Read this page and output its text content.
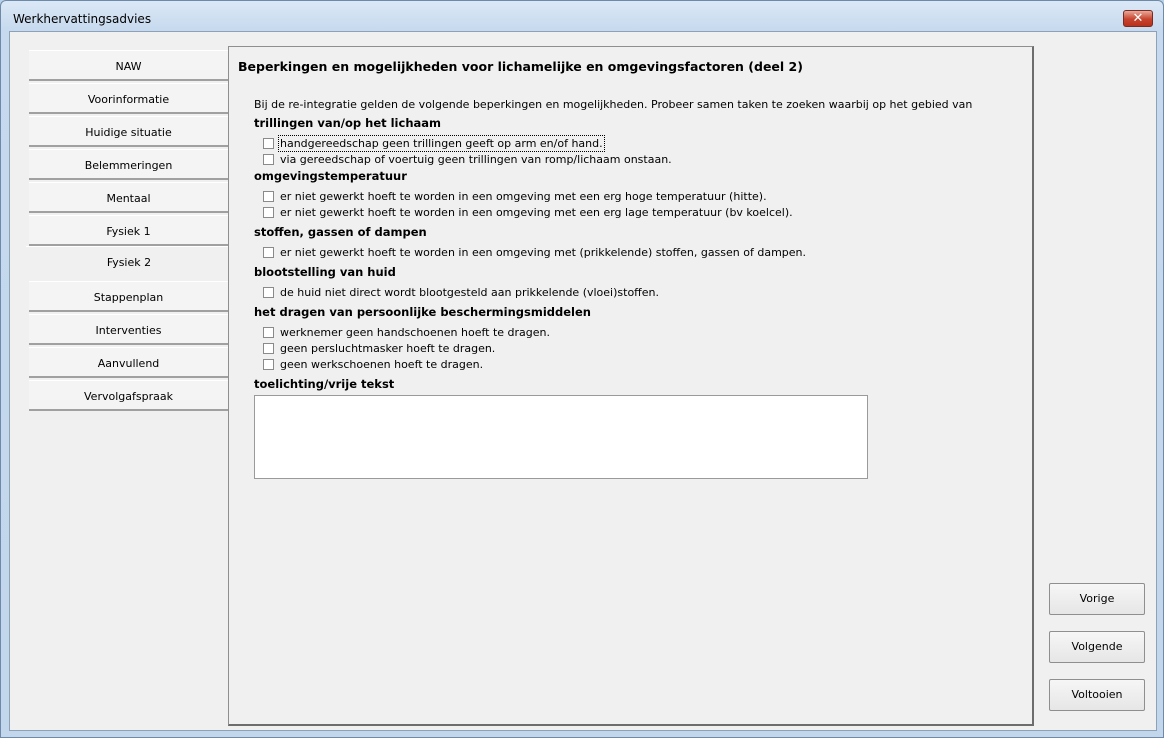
Werkhervattingsadvies	✕
NAW
Voorinformatie
Huidige situatie
Belemmeringen
Mentaal
Fysiek 1
Fysiek 2
Stappenplan
Interventies
Aanvullend
Vervolgafspraak
Beperkingen en mogelijkheden voor lichamelijke en omgevingsfactoren (deel 2)
Bij de re-integratie gelden de volgende beperkingen en mogelijkheden. Probeer samen taken te zoeken waarbij op het gebied van
trillingen van/op het lichaam
handgereedschap geen trillingen geeft op arm en/of hand.
via gereedschap of voertuig geen trillingen van romp/lichaam onstaan.
omgevingstemperatuur
er niet gewerkt hoeft te worden in een omgeving met een erg hoge temperatuur (hitte).
er niet gewerkt hoeft te worden in een omgeving met een erg lage temperatuur (bv koelcel).
stoffen, gassen of dampen
er niet gewerkt hoeft te worden in een omgeving met (prikkelende) stoffen, gassen of dampen.
blootstelling van huid
de huid niet direct wordt blootgesteld aan prikkelende (vloei)stoffen.
het dragen van persoonlijke beschermingsmiddelen
werknemer geen handschoenen hoeft te dragen.
geen persluchtmasker hoeft te dragen.
geen werkschoenen hoeft te dragen.
toelichting/vrije tekst
Vorige
Volgende
Voltooien
